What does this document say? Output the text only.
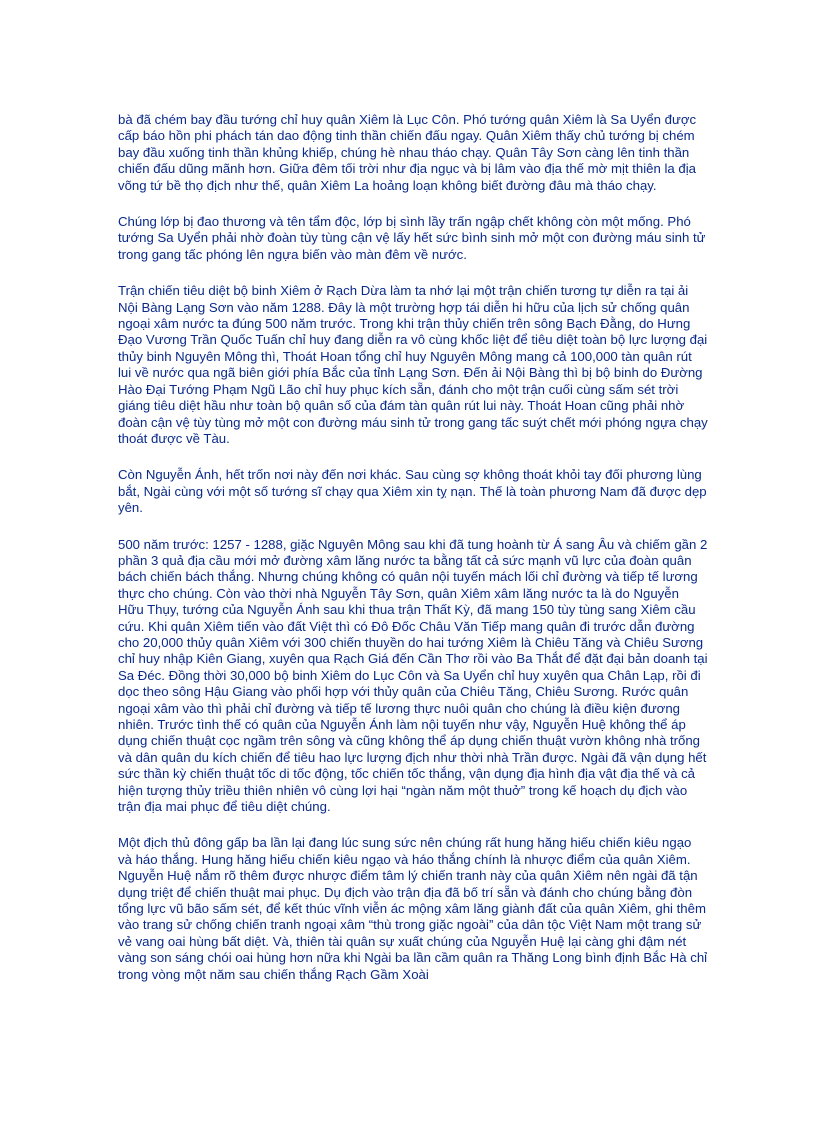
bà đã chém bay đầu tướng chỉ huy quân Xiêm là Lục Côn. Phó tướng quân Xiêm là Sa Uyển được cấp báo hồn phi phách tán dao động tinh thần chiến đấu ngay. Quân Xiêm thấy chủ tướng bị chém bay đầu xuống tinh thần khủng khiếp, chúng hè nhau tháo chạy. Quân Tây Sơn càng lên tinh thần chiến đấu dũng mãnh hơn. Giữa đêm tối trời như địa ngục và bị lâm vào địa thế mờ mịt thiên la địa võng tứ bề thọ địch như thế, quân Xiêm La hoảng loạn không biết đường đâu mà tháo chạy.

Chúng lớp bị đao thương và tên tẩm độc, lớp bị sình lầy trấn ngập chết không còn một mống. Phó tướng Sa Uyển phải nhờ đoàn tùy tùng cận vệ lấy hết sức bình sinh mở một con đường máu sinh tử trong gang tấc phóng lên ngựa biến vào màn đêm về nước.

Trận chiến tiêu diệt bộ binh Xiêm ở Rạch Dừa làm ta nhớ lại một trận chiến tương tự diễn ra tại ải Nội Bàng Lạng Sơn vào năm 1288. Đây là một trường hợp tái diễn hi hữu của lịch sử chống quân ngoại xâm nước ta đúng 500 năm trước. Trong khi trận thủy chiến trên sông Bạch Đằng, do Hưng Đạo Vương Trần Quốc Tuấn chỉ huy đang diễn ra vô cùng khốc liệt để tiêu diệt toàn bộ lực lượng đại thủy binh Nguyên Mông thì, Thoát Hoan tổng chỉ huy Nguyên Mông mang cả 100,000 tàn quân rút lui về nước qua ngã biên giới phía Bắc của tỉnh Lạng Sơn. Đến ải Nội Bàng thì bị bộ binh do Đường Hào Đại Tướng Phạm Ngũ Lão chỉ huy phục kích sẵn, đánh cho một trận cuối cùng sấm sét trời giáng tiêu diệt hầu như toàn bộ quân số của đám tàn quân rút lui này. Thoát Hoan cũng phải nhờ đoàn cận vệ tùy tùng mở một con đường máu sinh tử trong gang tấc suýt chết mới phóng ngựa chạy thoát được về Tàu.

Còn Nguyễn Ánh, hết trốn nơi này đến nơi khác. Sau cùng sợ không thoát khỏi tay đối phương lùng bắt, Ngài cùng với một số tướng sĩ chạy qua Xiêm xin tỵ nạn. Thế là toàn phương Nam đã được dẹp yên.

500 năm trước: 1257 - 1288, giặc Nguyên Mông sau khi đã tung hoành từ Á sang Âu và chiếm gần 2 phần 3 quả địa cầu mới mở đường xâm lăng nước ta bằng tất cả sức mạnh vũ lực của đoàn quân bách chiến bách thắng. Nhưng chúng không có quân nội tuyến mách lối chỉ đường và tiếp tế lương thực cho chúng. Còn vào thời nhà Nguyễn Tây Sơn, quân Xiêm xâm lăng nước ta là do Nguyễn Hữu Thụy, tướng của Nguyễn Ánh sau khi thua trận Thất Kỳ, đã mang 150 tùy tùng sang Xiêm cầu cứu. Khi quân Xiêm tiến vào đất Việt thì có Đô Đốc Châu Văn Tiếp mang quân đi trước dẫn đường cho 20,000 thủy quân Xiêm với 300 chiến thuyền do hai tướng Xiêm là Chiêu Tăng và Chiêu Sương chỉ huy nhập Kiên Giang, xuyên qua Rạch Giá đến Cần Thơ rồi vào Ba Thắt để đặt đại bản doanh tại Sa Đéc. Đồng thời 30,000 bộ binh Xiêm do Lục Côn và Sa Uyển chỉ huy xuyên qua Chân Lạp, rồi đi dọc theo sông Hậu Giang vào phối hợp với thủy quân của Chiêu Tăng, Chiêu Sương. Rước quân ngoại xâm vào thì phải chỉ đường và tiếp tế lương thực nuôi quân cho chúng là điều kiện đương nhiên. Trước tình thế có quân của Nguyễn Ánh làm nội tuyến như vậy, Nguyễn Huệ không thể áp dụng chiến thuật cọc ngầm trên sông và cũng không thể áp dụng chiến thuật vườn không nhà trống và dân quân du kích chiến để tiêu hao lực lượng địch như thời nhà Trần được. Ngài đã vận dụng hết sức thần kỳ chiến thuật tốc di tốc động, tốc chiến tốc thắng, vận dụng địa hình địa vật địa thế và cả hiện tượng thủy triều thiên nhiên vô cùng lợi hại “ngàn năm một thuở” trong kế hoạch dụ địch vào trận địa mai phục để tiêu diệt chúng.

Một địch thủ đông gấp ba lần lại đang lúc sung sức nên chúng rất hung hăng hiếu chiến kiêu ngạo và háo thắng. Hung hăng hiếu chiến kiêu ngạo và háo thắng chính là nhược điểm của quân Xiêm. Nguyễn Huệ nắm rõ thêm được nhược điểm tâm lý chiến tranh này của quân Xiêm nên ngài đã tận dụng triệt để chiến thuật mai phục. Dụ địch vào trận địa đã bố trí sẵn và đánh cho chúng bằng đòn tổng lực vũ bão sấm sét, để kết thúc vĩnh viễn ác mộng xâm lăng giành đất của quân Xiêm, ghi thêm vào trang sử chống chiến tranh ngoại xâm “thù trong giặc ngoài” của dân tộc Việt Nam một trang sử vẻ vang oai hùng bất diệt. Và, thiên tài quân sự xuất chúng của Nguyễn Huệ lại càng ghi đậm nét vàng son sáng chói oai hùng hơn nữa khi Ngài ba lần cầm quân ra Thăng Long bình định Bắc Hà chỉ trong vòng một năm sau chiến thắng Rạch Gầm Xoài
